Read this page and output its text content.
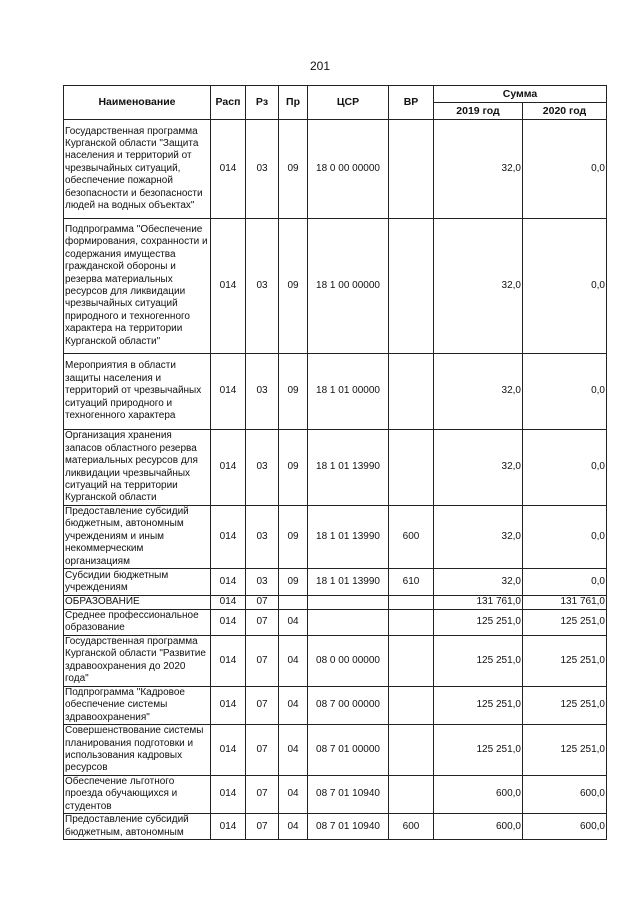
201
Наименование	Расп	Рз	Пр	ЦСР	ВР	Сумма	
						2019 год	2020 год
Государственная программа Курганской области "Защита населения и территорий от чрезвычайных ситуаций, обеспечение пожарной безопасности и безопасности людей на водных объектах"	014	03	09	18 0 00 00000		32,0	0,0
Подпрограмма "Обеспечение формирования, сохранности и содержания имущества гражданской обороны и резерва материальных ресурсов для ликвидации чрезвычайных ситуаций природного и техногенного характера на территории Курганской области"	014	03	09	18 1 00 00000		32,0	0,0
Мероприятия в области защиты населения и территорий от чрезвычайных ситуаций природного и техногенного характера	014	03	09	18 1 01 00000		32,0	0,0
Организация хранения запасов областного резерва материальных ресурсов для ликвидации чрезвычайных ситуаций на территории Курганской области	014	03	09	18 1 01 13990		32,0	0,0
Предоставление субсидий бюджетным, автономным учреждениям и иным некоммерческим организациям	014	03	09	18 1 01 13990	600	32,0	0,0
Субсидии бюджетным учреждениям	014	03	09	18 1 01 13990	610	32,0	0,0
ОБРАЗОВАНИЕ	014	07				131 761,0	131 761,0
Среднее профессиональное образование	014	07	04			125 251,0	125 251,0
Государственная программа Курганской области "Развитие здравоохранения до 2020 года"	014	07	04	08 0 00 00000		125 251,0	125 251,0
Подпрограмма "Кадровое обеспечение системы здравоохранения"	014	07	04	08 7 00 00000		125 251,0	125 251,0
Совершенствование системы планирования подготовки и использования кадровых ресурсов	014	07	04	08 7 01 00000		125 251,0	125 251,0
Обеспечение льготного проезда обучающихся и студентов	014	07	04	08 7 01 10940		600,0	600,0
Предоставление субсидий бюджетным, автономным	014	07	04	08 7 01 10940	600	600,0	600,0
